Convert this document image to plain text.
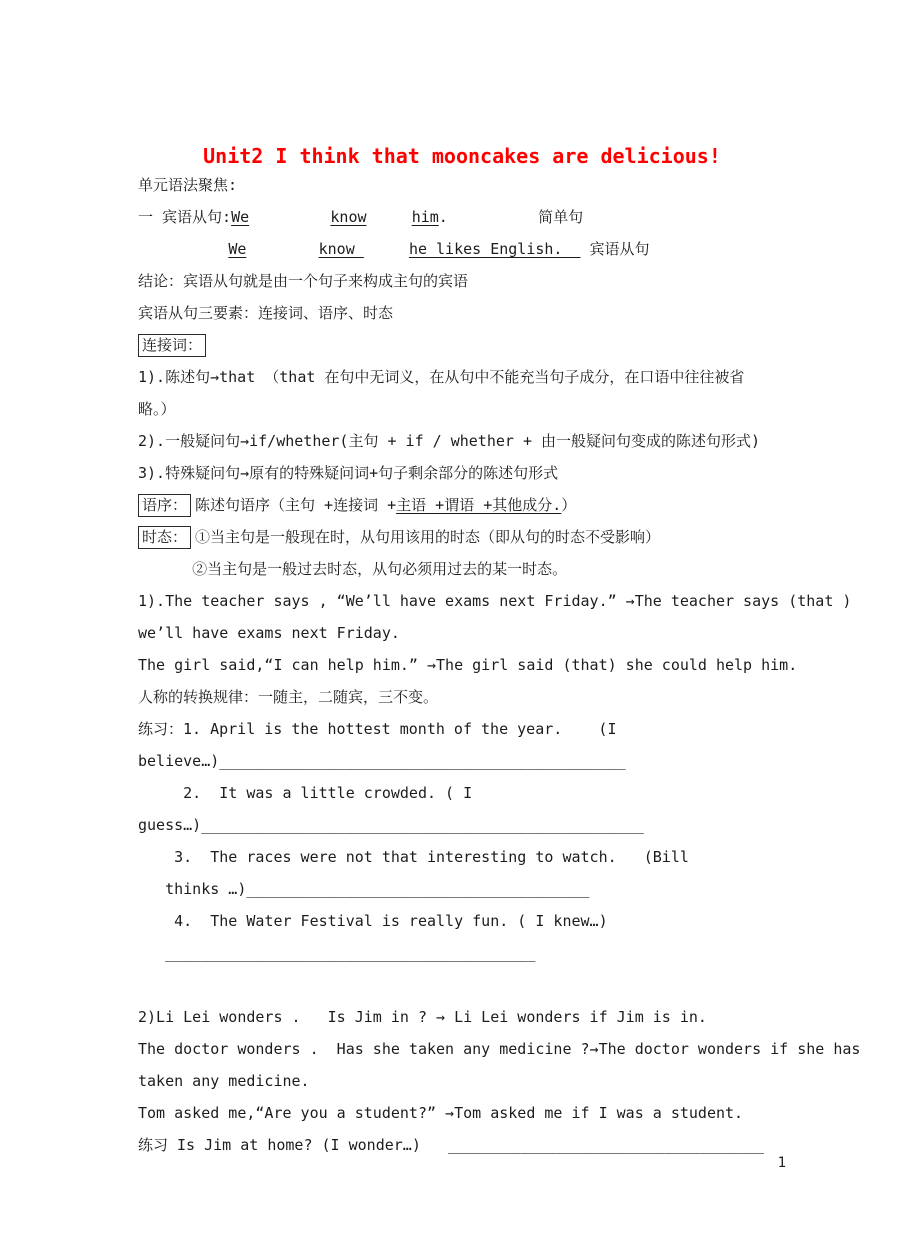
Unit2 I think that mooncakes are delicious!

单元语法聚焦:

一 宾语从句:We	know	him.          简单句

We	know	he likes English.   宾语从句

结论：宾语从句就是由一个句子来构成主句的宾语

宾语从句三要素：连接词、语序、时态

连接词：

1).陈述句→that （that 在句中无词义，在从句中不能充当句子成分，在口语中往往被省

略。）

2).一般疑问句→if/whether(主句 + if / whether + 由一般疑问句变成的陈述句形式)

3).特殊疑问句→原有的特殊疑问词+句子剩余部分的陈述句形式

语序： 陈述句语序（主句 +连接词 +主语 +谓语 +其他成分.）

时态： ①当主句是一般现在时，从句用该用的时态（即从句的时态不受影响）

②当主句是一般过去时态，从句必须用过去的某一时态。

1).The teacher says , “We’ll have exams next Friday.” →The teacher says (that )

we’ll have exams next Friday.

The girl said,“I can help him.” →The girl said (that) she could help him.

人称的转换规律：一随主，二随宾，三不变。

练习：1. April is the hottest month of the year.    (I

believe…)_____________________________________________

2.  It was a little crowded. ( I

guess…)_________________________________________________

3.  The races were not that interesting to watch.   (Bill

thinks …)______________________________________

4.  The Water Festival is really fun. ( I knew…)

_________________________________________

2)Li Lei wonders .   Is Jim in ? → Li Lei wonders if Jim is in.

The doctor wonders .  Has she taken any medicine ?→The doctor wonders if she has

taken any medicine.

Tom asked me,“Are you a student?” →Tom asked me if I was a student.

练习 Is Jim at home? (I wonder…)   ___________________________________

1
